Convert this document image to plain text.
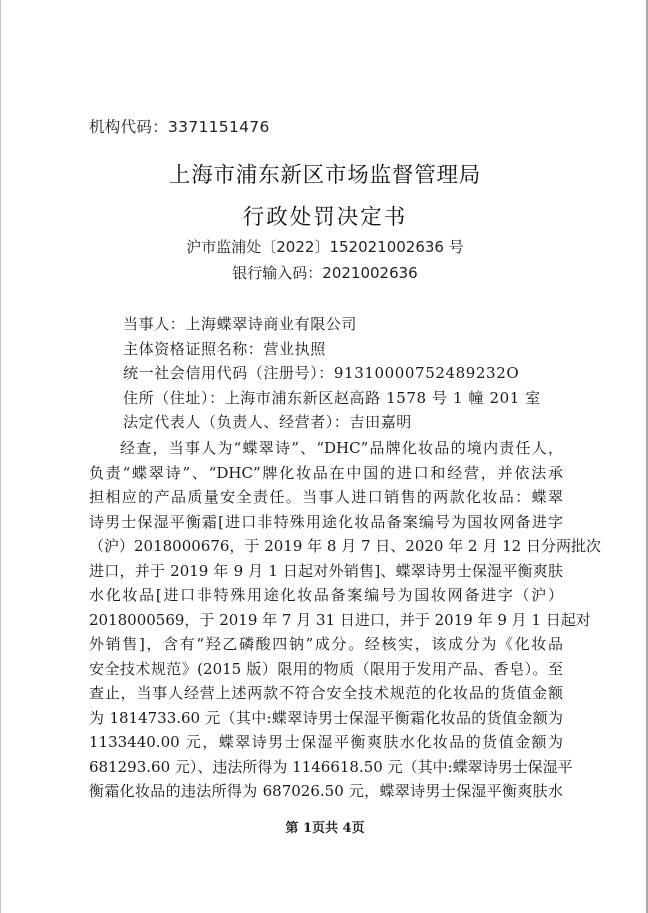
机构代码：3371151476
上海市浦东新区市场监督管理局
行政处罚决定书
沪市监浦处〔2022〕152021002636 号
银行输入码：2021002636
当事人：上海蝶翠诗商业有限公司
主体资格证照名称：营业执照
统一社会信用代码（注册号）：91310000752489232O
住所（住址）：上海市浦东新区赵高路 1578 号 1 幢 201 室
法定代表人（负责人、经营者）：吉田嘉明
经查，当事人为“蝶翠诗”、“DHC”品牌化妆品的境内责任人，
负责“蝶翠诗”、“DHC”牌化妆品在中国的进口和经营，并依法承
担相应的产品质量安全责任。当事人进口销售的两款化妆品：蝶翠
诗男士保湿平衡霜[进口非特殊用途化妆品备案编号为国妆网备进字
（沪）2018000676，于 2019 年 8 月 7 日、2020 年 2 月 12 日分两批次
进口，并于 2019 年 9 月 1 日起对外销售]、蝶翠诗男士保湿平衡爽肤
水化妆品[进口非特殊用途化妆品备案编号为国妆网备进字（沪）
2018000569，于 2019 年 7 月 31 日进口，并于 2019 年 9 月 1 日起对
外销售]，含有“羟乙磷酸四钠”成分。经核实，该成分为《化妆品
安全技术规范》(2015 版）限用的物质（限用于发用产品、香皂）。至
查止，当事人经营上述两款不符合安全技术规范的化妆品的货值金额
为 1814733.60 元（其中:蝶翠诗男士保湿平衡霜化妆品的货值金额为
1133440.00 元，蝶翠诗男士保湿平衡爽肤水化妆品的货值金额为
681293.60 元）、违法所得为 1146618.50 元（其中:蝶翠诗男士保湿平
衡霜化妆品的违法所得为 687026.50 元，蝶翠诗男士保湿平衡爽肤水
第 1页共 4页
